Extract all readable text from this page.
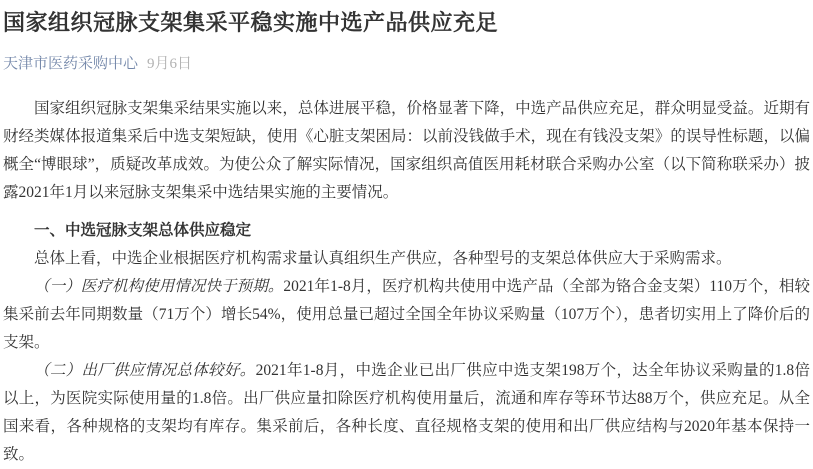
国家组织冠脉支架集采平稳实施中选产品供应充足
天津市医药采购中心 9月6日

国家组织冠脉支架集采结果实施以来，总体进展平稳，价格显著下降，中选产品供应充足，群众明显受益。近期有财经类媒体报道集采后中选支架短缺，使用《心脏支架困局：以前没钱做手术，现在有钱没支架》的误导性标题，以偏概全“博眼球”，质疑改革成效。为使公众了解实际情况，国家组织高值医用耗材联合采购办公室（以下简称联采办）披露2021年1月以来冠脉支架集采中选结果实施的主要情况。

一、中选冠脉支架总体供应稳定

总体上看，中选企业根据医疗机构需求量认真组织生产供应，各种型号的支架总体供应大于采购需求。

（一）医疗机构使用情况快于预期。2021年1-8月，医疗机构共使用中选产品（全部为铬合金支架）110万个，相较集采前去年同期数量（71万个）增长54%，使用总量已超过全国全年协议采购量（107万个），患者切实用上了降价后的支架。

（二）出厂供应情况总体较好。2021年1-8月，中选企业已出厂供应中选支架198万个，达全年协议采购量的1.8倍以上，为医院实际使用量的1.8倍。出厂供应量扣除医疗机构使用量后，流通和库存等环节达88万个，供应充足。从全国来看，各种规格的支架均有库存。集采前后，各种长度、直径规格支架的使用和出厂供应结构与2020年基本保持一致。
